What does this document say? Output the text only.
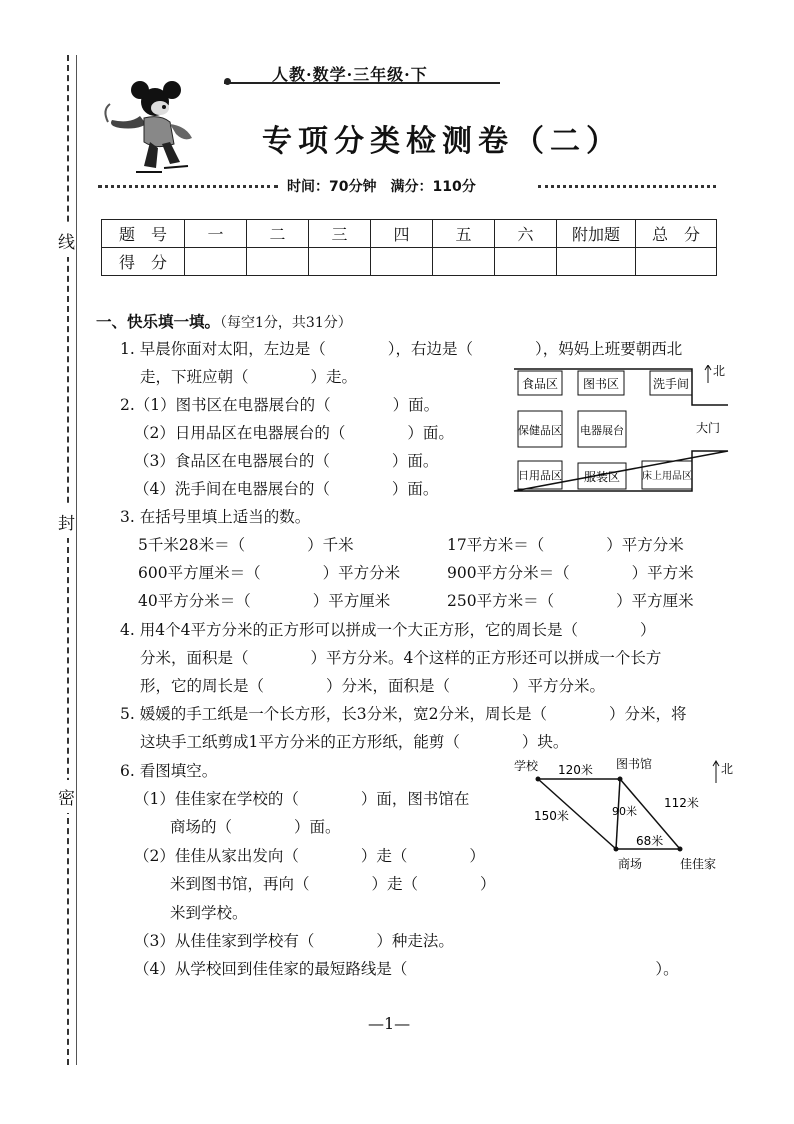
线
封
密
人教·数学·三年级·下
专项分类检测卷（二）
时间：70分钟　满分：110分
题　号	一	二	三	四	五	六	附加题	总　分
得　分								
一、快乐填一填。（每空1分，共31分）
1. 早晨你面对太阳，左边是（　　　　），右边是（　　　　），妈妈上班要朝西北
走，下班应朝（　　　　）走。
2.（1）图书区在电器展台的（　　　　）面。
（2）日用品区在电器展台的（　　　　）面。
（3）食品区在电器展台的（　　　　）面。
（4）洗手间在电器展台的（　　　　）面。
食品区 图书区	洗手间
保健品区 电器展台	大门
日用品区 服装区 床上用品区
北
3. 在括号里填上适当的数。
5千米28米＝（　　　　）千米	17平方米＝（　　　　）平方分米
600平方厘米＝（　　　　）平方分米	900平方分米＝（　　　　）平方米
40平方分米＝（　　　　）平方厘米	250平方米＝（　　　　）平方厘米
4. 用4个4平方分米的正方形可以拼成一个大正方形，它的周长是（　　　　）
分米，面积是（　　　　）平方分米。4个这样的正方形还可以拼成一个长方
形，它的周长是（　　　　）分米，面积是（　　　　）平方分米。
5. 媛媛的手工纸是一个长方形，长3分米，宽2分米，周长是（　　　　）分米，将
这块手工纸剪成1平方分米的正方形纸，能剪（　　　　）块。
6. 看图填空。
（1）佳佳家在学校的（　　　　）面，图书馆在
商场的（　　　　）面。
（2）佳佳从家出发向（　　　　）走（　　　　）
米到图书馆，再向（　　　　）走（　　　　）
米到学校。
（3）从佳佳家到学校有（　　　　）种走法。
（4）从学校回到佳佳家的最短路线是（　　　　　　　　　　　　　　　　）。
学校	图书馆
商场	佳佳家
120米
150米	90米
112米
68米
北
—1—
